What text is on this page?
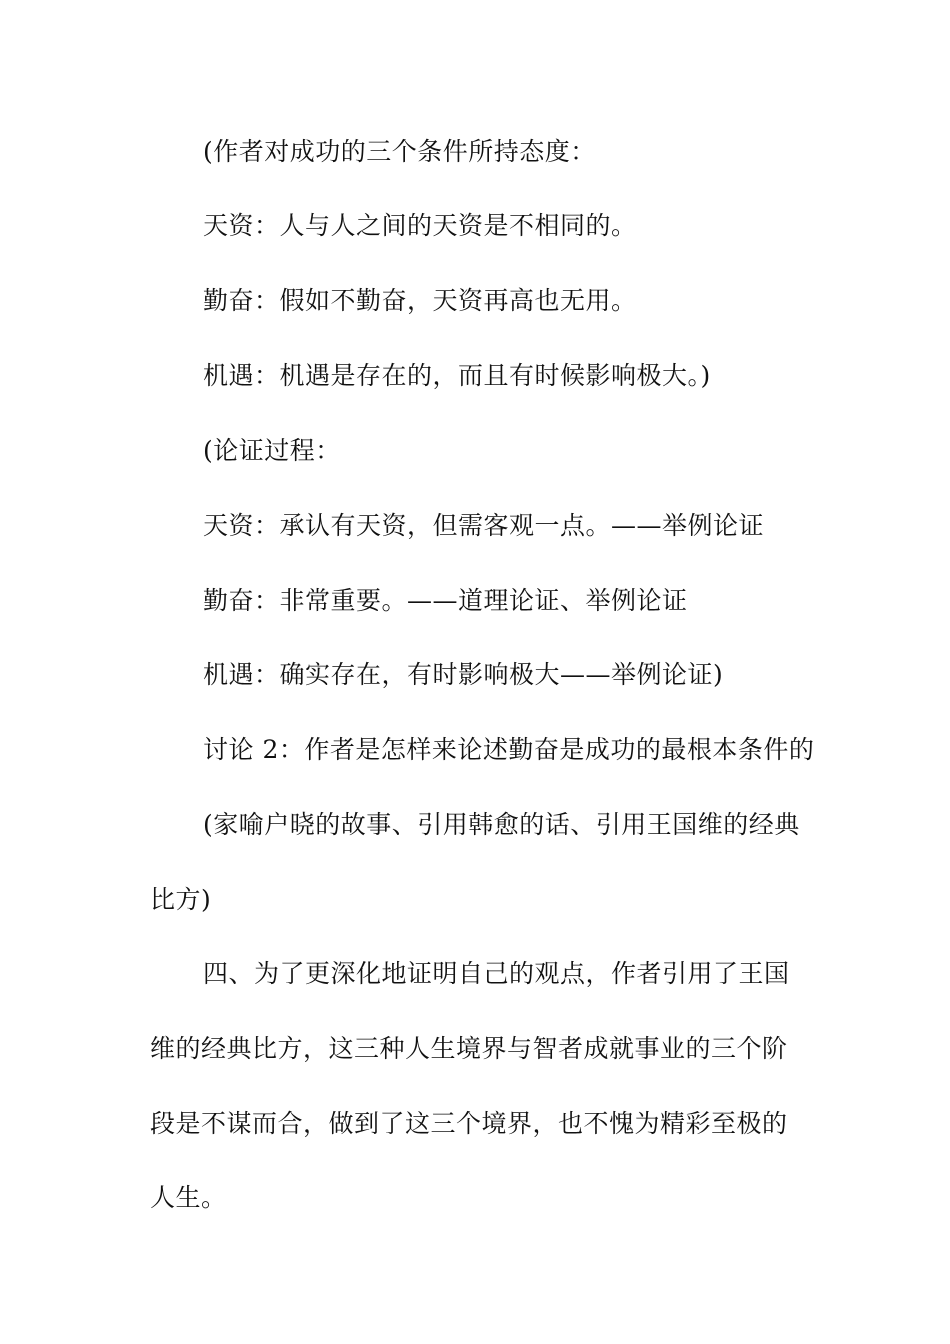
(作者对成功的三个条件所持态度：
天资：人与人之间的天资是不相同的。
勤奋：假如不勤奋，天资再高也无用。
机遇：机遇是存在的，而且有时候影响极大。)
(论证过程：
天资：承认有天资，但需客观一点。——举例论证
勤奋：非常重要。——道理论证、举例论证
机遇：确实存在，有时影响极大——举例论证)
讨论 2：作者是怎样来论述勤奋是成功的最根本条件的
(家喻户晓的故事、引用韩愈的话、引用王国维的经典
比方)
四、为了更深化地证明自己的观点，作者引用了王国
维的经典比方，这三种人生境界与智者成就事业的三个阶
段是不谋而合，做到了这三个境界，也不愧为精彩至极的
人生。
